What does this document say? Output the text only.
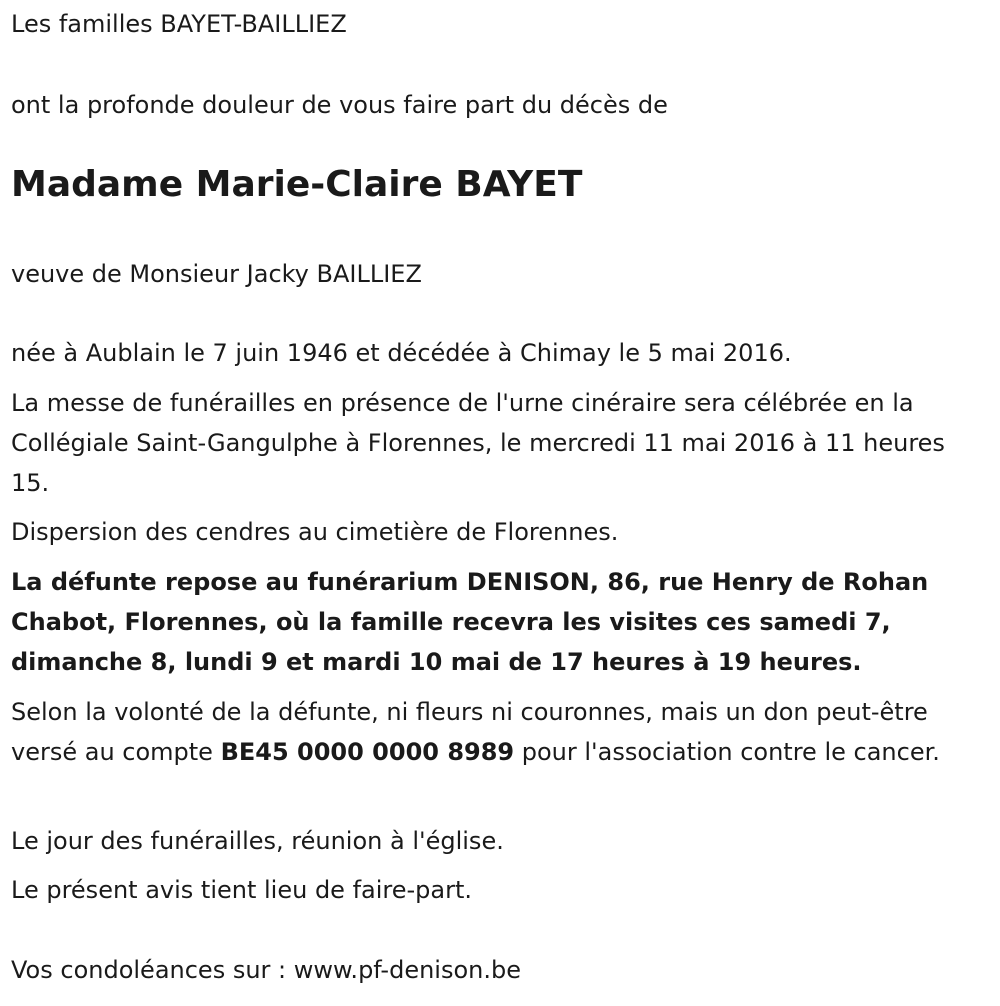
Les familles BAYET-BAILLIEZ
ont la profonde douleur de vous faire part du décès de
Madame Marie-Claire BAYET
veuve de Monsieur Jacky BAILLIEZ
née à Aublain le 7 juin 1946 et décédée à Chimay le 5 mai 2016.
La messe de funérailles en présence de l'urne cinéraire sera célébrée en la Collégiale Saint-Gangulphe à Florennes, le mercredi 11 mai 2016 à 11 heures 15.
Dispersion des cendres au cimetière de Florennes.
La défunte repose au funérarium DENISON, 86, rue Henry de Rohan Chabot, Florennes, où la famille recevra les visites ces samedi 7, dimanche 8, lundi 9 et mardi 10 mai de 17 heures à 19 heures.
Selon la volonté de la défunte, ni fleurs ni couronnes, mais un don peut-être versé au compte BE45 0000 0000 8989 pour l'association contre le cancer.
Le jour des funérailles, réunion à l'église.
Le présent avis tient lieu de faire-part.
Vos condoléances sur : www.pf-denison.be
